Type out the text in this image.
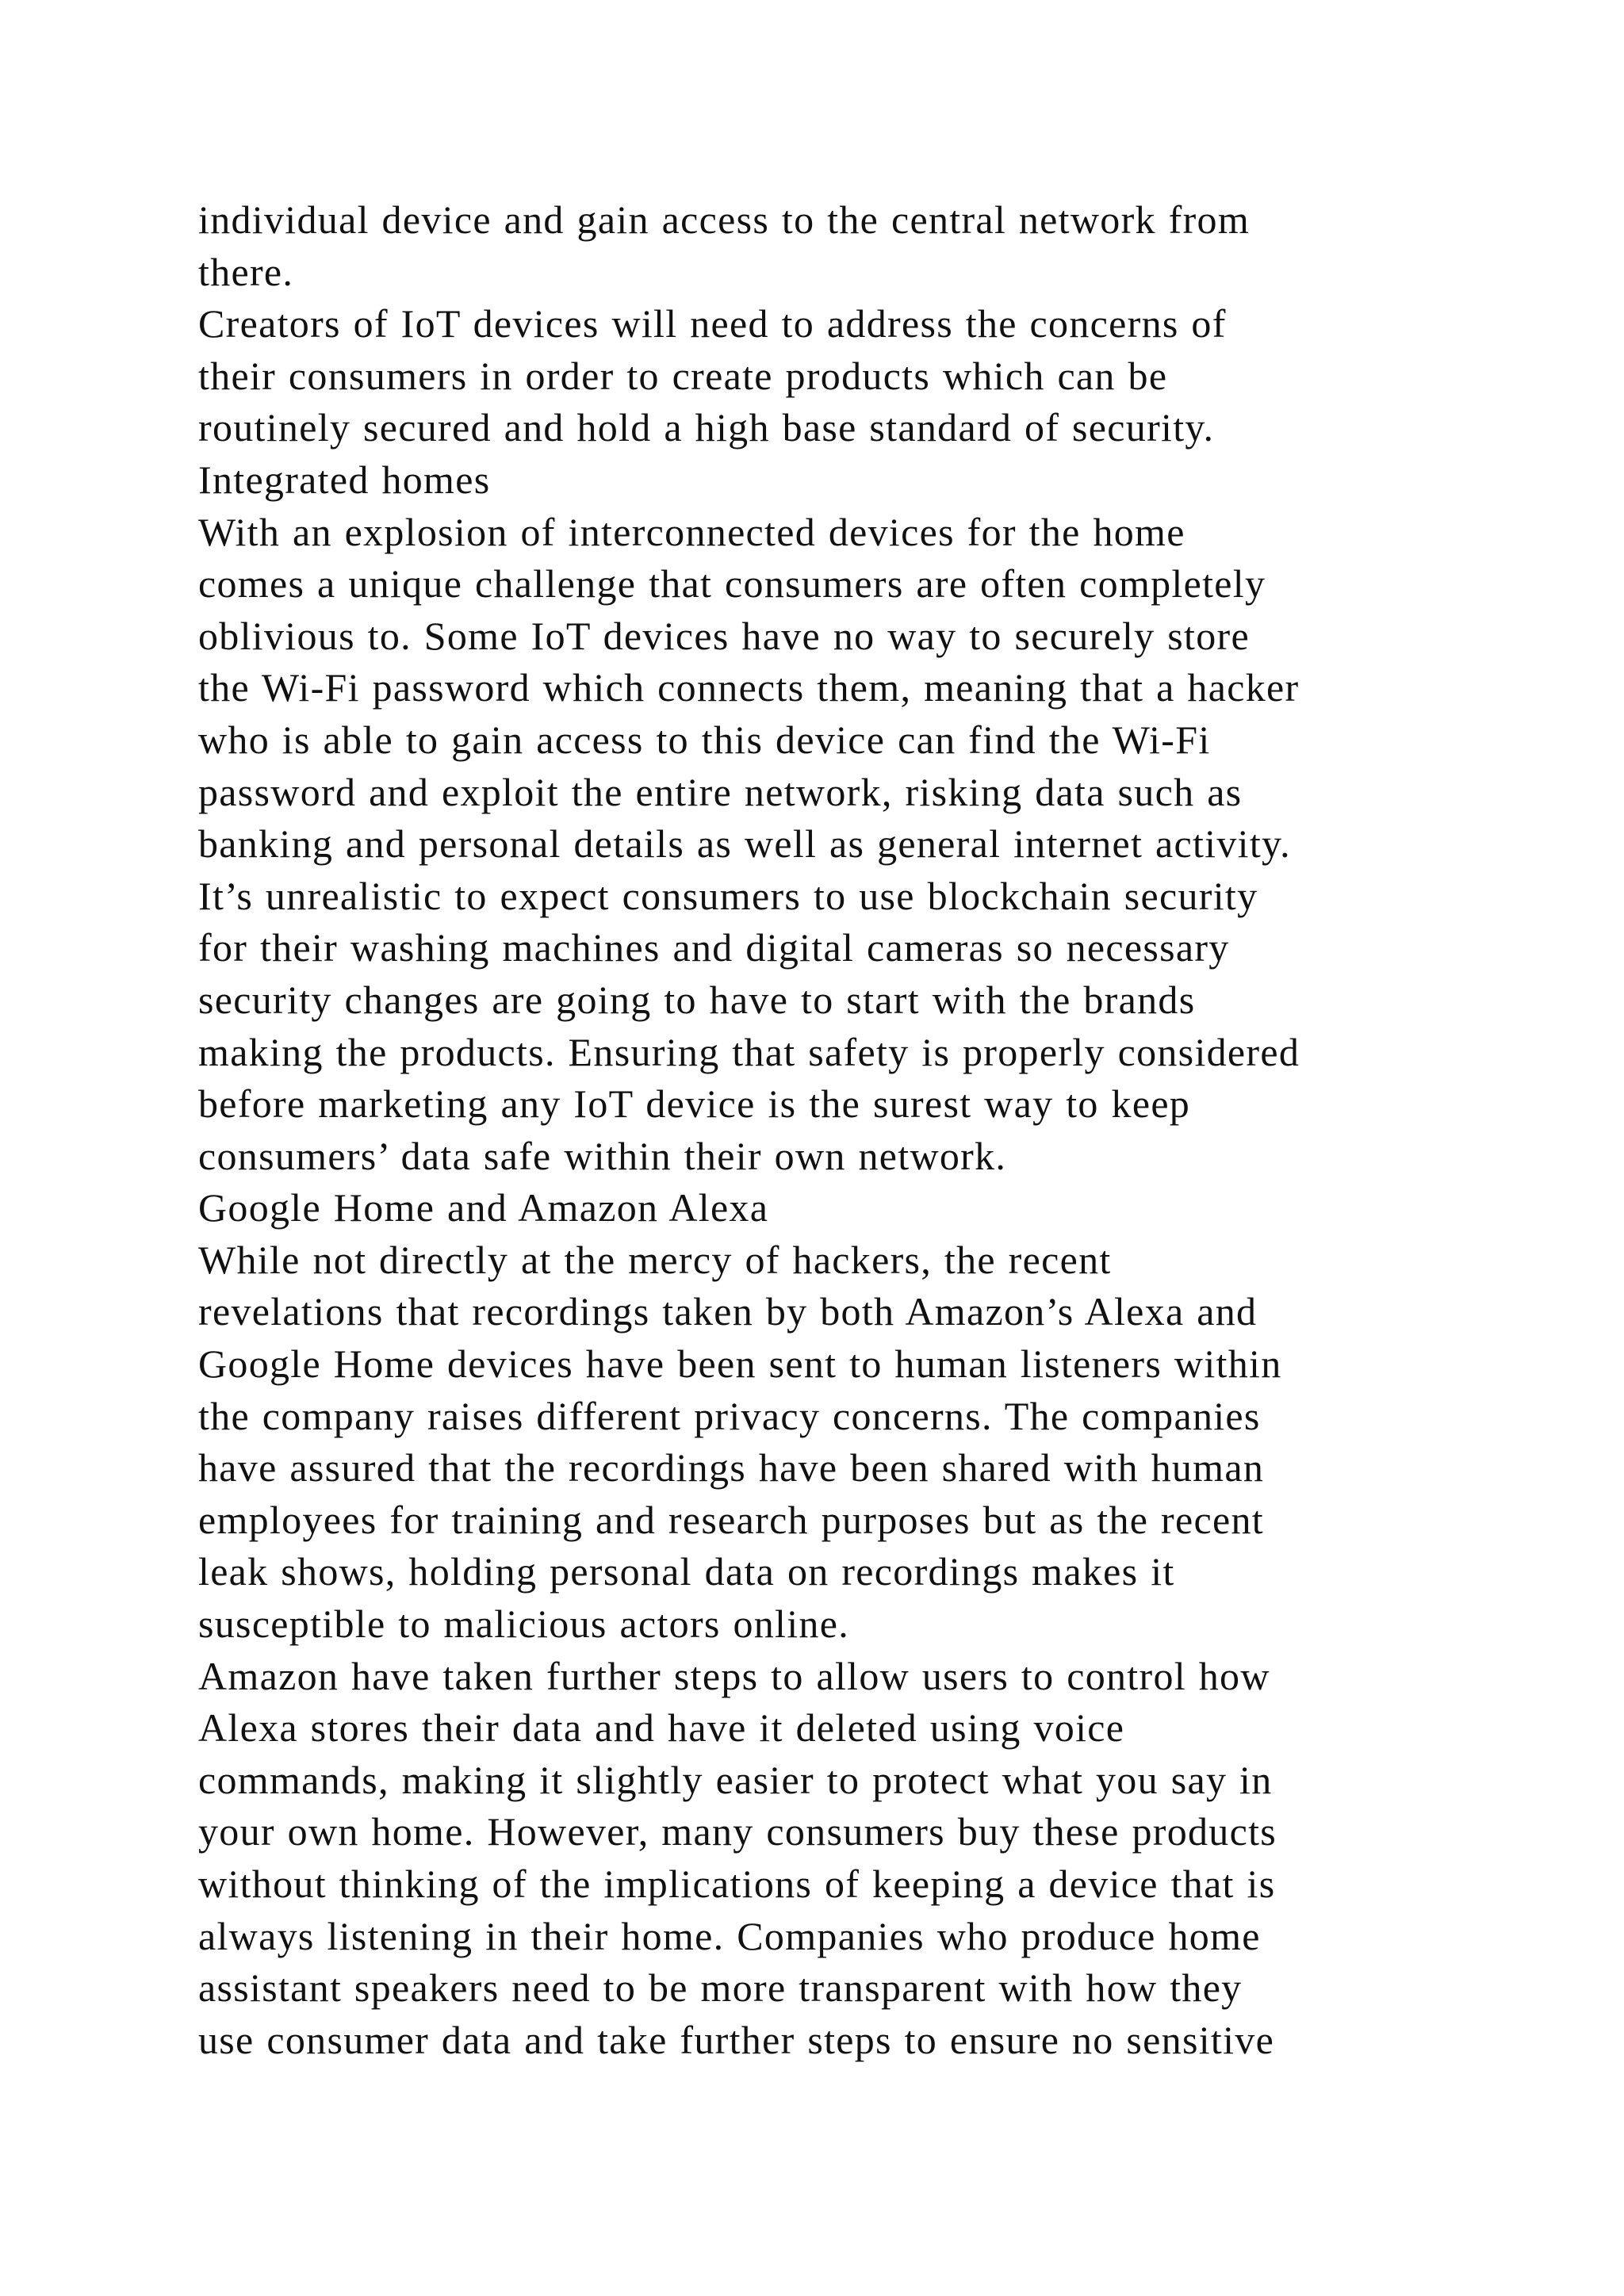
individual device and gain access to the central network from
there.
Creators of IoT devices will need to address the concerns of
their consumers in order to create products which can be
routinely secured and hold a high base standard of security.
Integrated homes
With an explosion of interconnected devices for the home
comes a unique challenge that consumers are often completely
oblivious to. Some IoT devices have no way to securely store
the Wi-Fi password which connects them, meaning that a hacker
who is able to gain access to this device can find the Wi-Fi
password and exploit the entire network, risking data such as
banking and personal details as well as general internet activity.
It’s unrealistic to expect consumers to use blockchain security
for their washing machines and digital cameras so necessary
security changes are going to have to start with the brands
making the products. Ensuring that safety is properly considered
before marketing any IoT device is the surest way to keep
consumers’ data safe within their own network.
Google Home and Amazon Alexa
While not directly at the mercy of hackers, the recent
revelations that recordings taken by both Amazon’s Alexa and
Google Home devices have been sent to human listeners within
the company raises different privacy concerns. The companies
have assured that the recordings have been shared with human
employees for training and research purposes but as the recent
leak shows, holding personal data on recordings makes it
susceptible to malicious actors online.
Amazon have taken further steps to allow users to control how
Alexa stores their data and have it deleted using voice
commands, making it slightly easier to protect what you say in
your own home. However, many consumers buy these products
without thinking of the implications of keeping a device that is
always listening in their home. Companies who produce home
assistant speakers need to be more transparent with how they
use consumer data and take further steps to ensure no sensitive
